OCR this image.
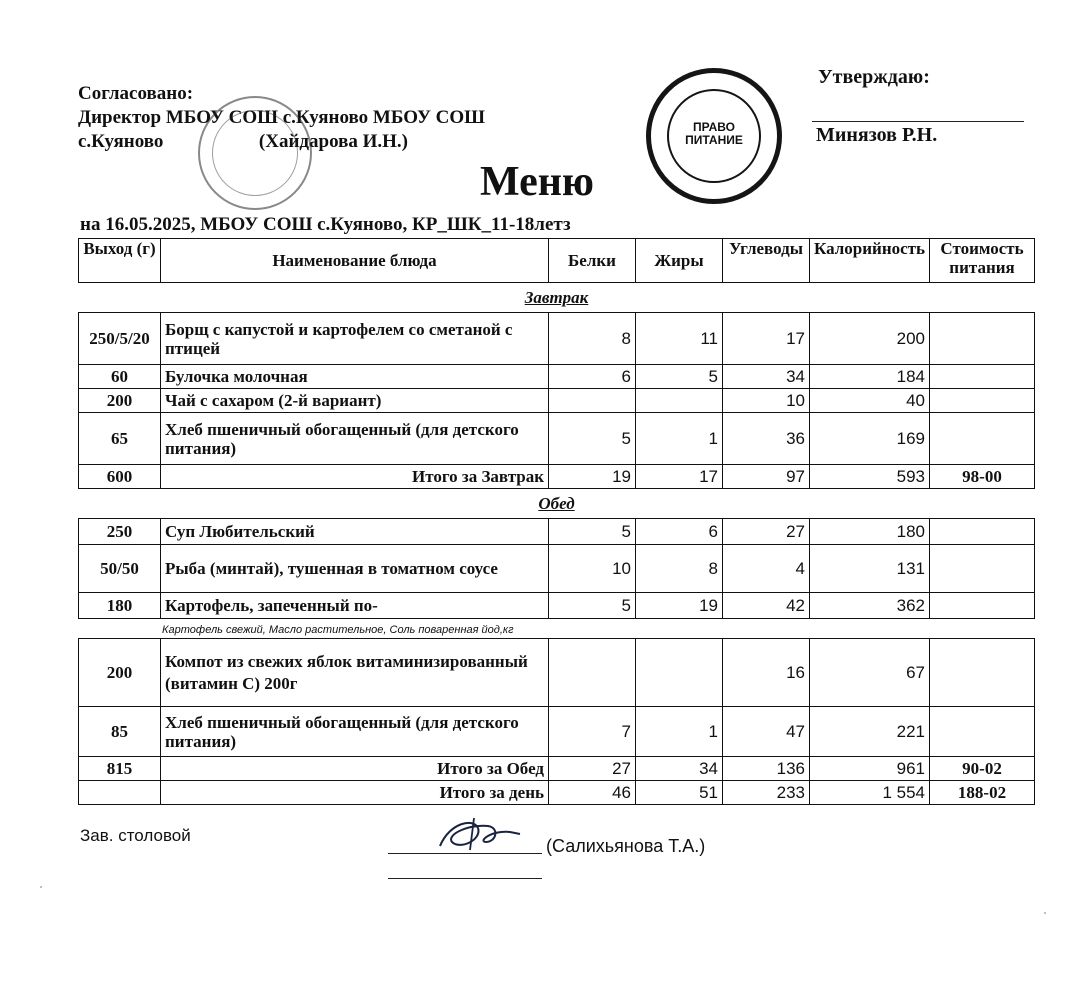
Согласовано:
Директор МБОУ СОШ с.Куяново МБОУ СОШ
с.Куяново	(Хайдарова И.Н.)
ПРАВО
ПИТАНИЕ
Утверждаю:
Минязов Р.Н.
Меню
на 16.05.2025, МБОУ СОШ с.Куяново, КР_ШК_11-18летз
Выход (г)	Наименование блюда	Белки	Жиры	Углеводы	Калорийность	Стоимость питания
Завтрак						
250/5/20	Борщ с капустой и картофелем со сметаной с птицей	8	11	17	200	
60	Булочка молочная	6	5	34	184	
200	Чай с сахаром (2-й вариант)			10	40	
65	Хлеб пшеничный обогащенный (для детского питания)	5	1	36	169	
600	Итого за Завтрак	19	17	97	593	98-00
Обед						
250	Суп Любительский	5	6	27	180	
50/50	Рыба (минтай), тушенная в томатном соусе	10	8	4	131	
180	Картофель, запеченный по-	5	19	42	362	

200	Компот из свежих яблок витаминизированный (витамин С) 200г			16	67	
85	Хлеб пшеничный обогащенный (для детского питания)	7	1	47	221	
815	Итого за Обед	27	34	136	961	90-02
	Итого за день	46	51	233	1 554	188-02
Картофель свежий, Масло растительное, Соль поваренная йод,кг
Зав. столовой
(Салихьянова Т.А.)
